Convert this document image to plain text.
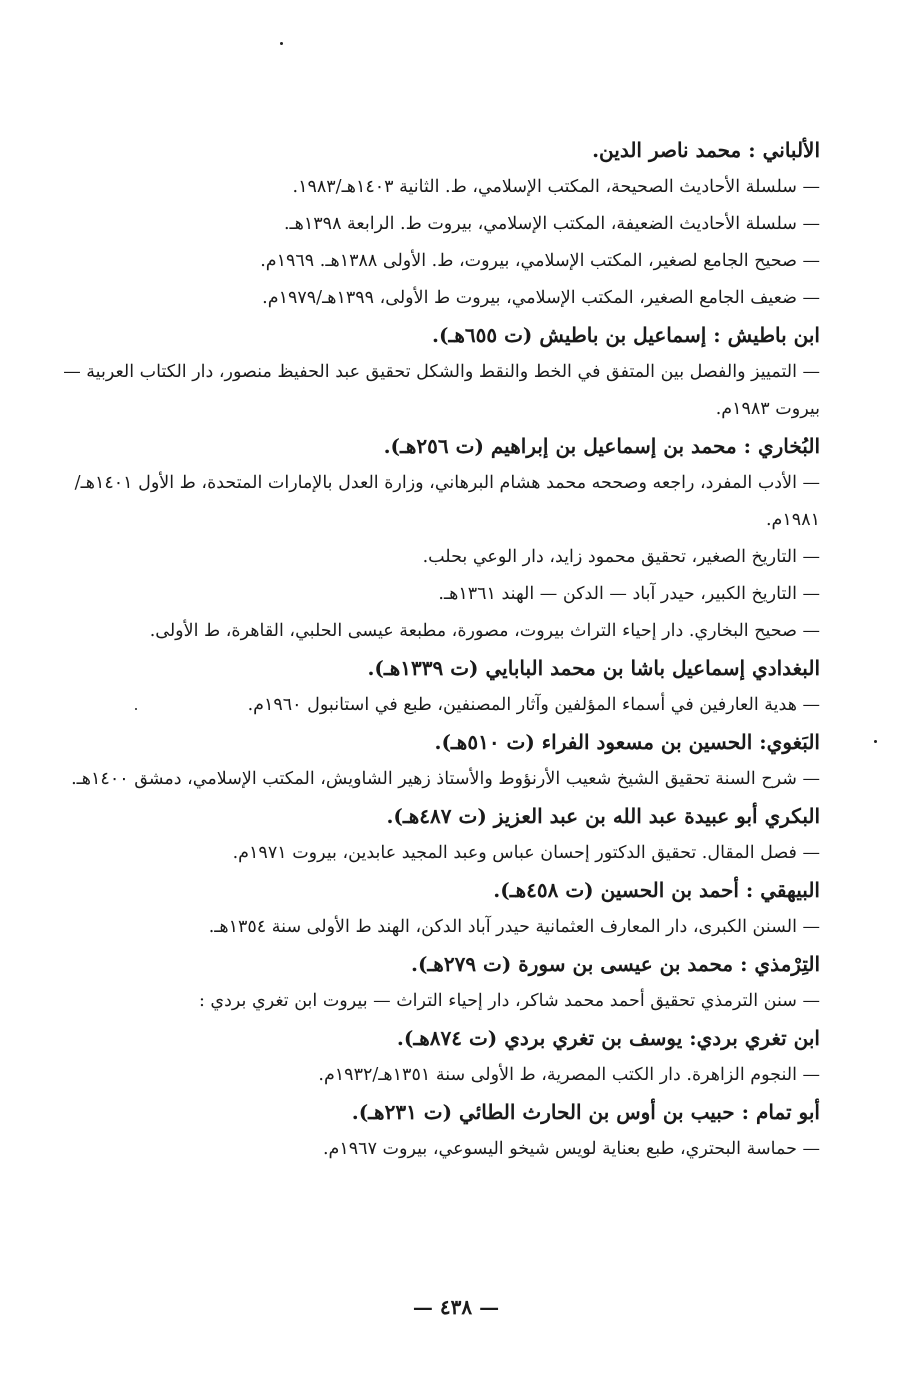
الألباني : محمد ناصر الدين.
— سلسلة الأحاديث الصحيحة، المكتب الإسلامي، ط. الثانية ١٤٠٣هـ/١٩٨٣.
— سلسلة الأحاديث الضعيفة، المكتب الإسلامي، بيروت ط. الرابعة ١٣٩٨هـ.
— صحيح الجامع لصغير، المكتب الإسلامي، بيروت، ط. الأولى ١٣٨٨هـ. ١٩٦٩م.
— ضعيف الجامع الصغير، المكتب الإسلامي، بيروت ط الأولى، ١٣٩٩هـ/١٩٧٩م.
ابن باطيش : إسماعيل بن باطيش (ت ٦٥٥هـ).
— التمييز والفصل بين المتفق في الخط والنقط والشكل تحقيق عبد الحفيظ منصور، دار الكتاب العربية — بيروت ١٩٨٣م.
البُخاري : محمد بن إسماعيل بن إبراهيم (ت ٢٥٦هـ).
— الأدب المفرد، راجعه وصححه محمد هشام البرهاني، وزارة العدل بالإمارات المتحدة، ط الأول ١٤٠١هـ/١٩٨١م.
— التاريخ الصغير، تحقيق محمود زايد، دار الوعي بحلب.
— التاريخ الكبير، حيدر آباد — الدكن — الهند ١٣٦١هـ.
— صحيح البخاري. دار إحياء التراث بيروت، مصورة، مطبعة عيسى الحلبي، القاهرة، ط الأولى.
البغدادي إسماعيل باشا بن محمد البابايي (ت ١٣٣٩هـ).
— هدية العارفين في أسماء المؤلفين وآثار المصنفين، طبع في استانبول ١٩٦٠م.
البَغوي: الحسين بن مسعود الفراء (ت ٥١٠هـ).
— شرح السنة تحقيق الشيخ شعيب الأرنؤوط والأستاذ زهير الشاويش، المكتب الإسلامي، دمشق ١٤٠٠هـ.
البكري أبو عبيدة عبد الله بن عبد العزيز (ت ٤٨٧هـ).
— فصل المقال. تحقيق الدكتور إحسان عباس وعبد المجيد عابدين، بيروت ١٩٧١م.
البيهقي : أحمد بن الحسين (ت ٤٥٨هـ).
— السنن الكبرى، دار المعارف العثمانية حيدر آباد الدكن، الهند ط الأولى سنة ١٣٥٤هـ.
التِرْمذي : محمد بن عيسى بن سورة (ت ٢٧٩هـ).
— سنن الترمذي تحقيق أحمد محمد شاكر، دار إحياء التراث — بيروت ابن تغري بردي :
ابن تغري بردي: يوسف بن تغري بردي (ت ٨٧٤هـ).
— النجوم الزاهرة. دار الكتب المصرية، ط الأولى سنة ١٣٥١هـ/١٩٣٢م.
أبو تمام : حبيب بن أوس بن الحارث الطائي (ت ٢٣١هـ).
— حماسة البحتري، طبع بعناية لويس شيخو اليسوعي، بيروت ١٩٦٧م.
— ٤٣٨ —
